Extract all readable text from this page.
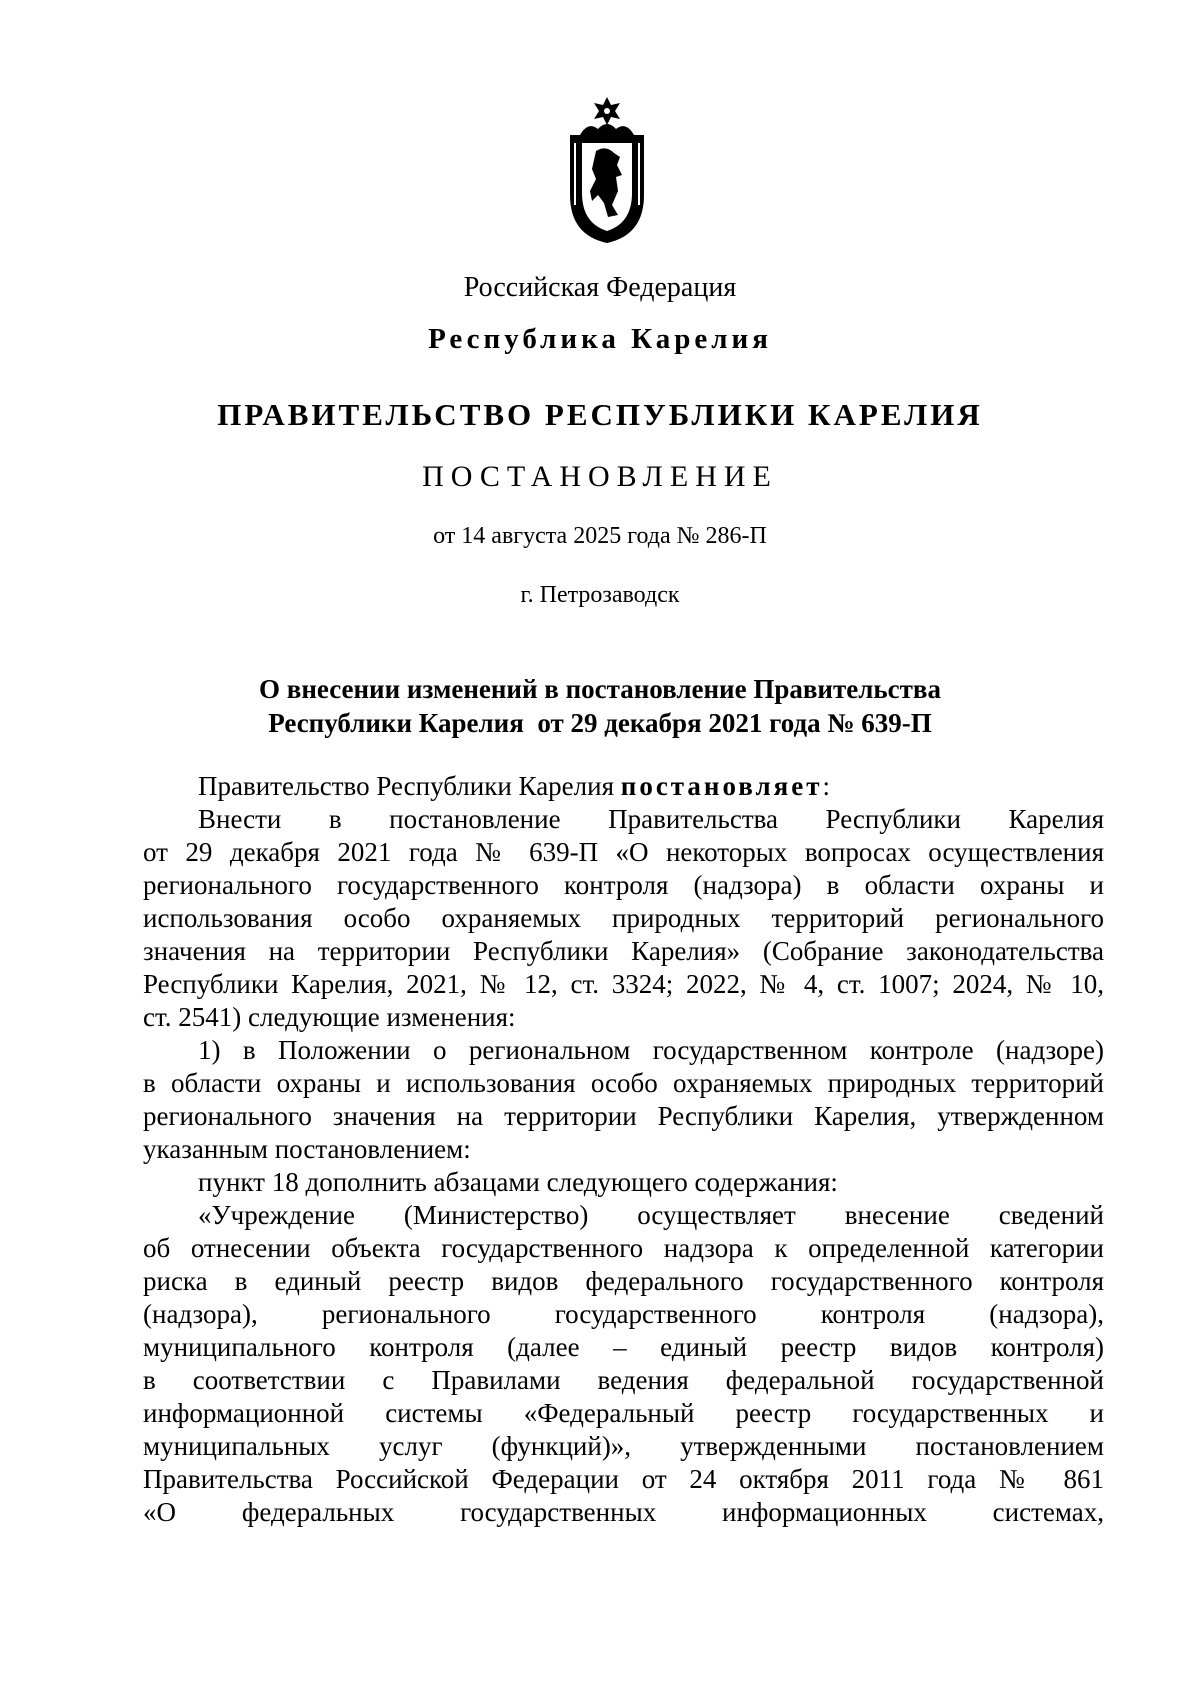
Российская Федерация
Республика Карелия
ПРАВИТЕЛЬСТВО РЕСПУБЛИКИ КАРЕЛИЯ
ПОСТАНОВЛЕНИЕ
от 14 августа 2025 года № 286-П
г. Петрозаводск
О внесении изменений в постановление Правительства
Республики Карелия  от 29 декабря 2021 года № 639-П

Правительство Республики Карелия постановляет:

Внести в постановление Правительства Республики Карелия

от 29 декабря 2021 года № 639-П «О некоторых вопросах осуществления

регионального государственного контроля (надзора) в области охраны и

использования особо охраняемых природных территорий регионального

значения на территории Республики Карелия» (Собрание законодательства

Республики Карелия, 2021, № 12, ст. 3324; 2022, № 4, ст. 1007; 2024, № 10,

ст. 2541) следующие изменения:

1) в Положении о региональном государственном контроле (надзоре)

в области охраны и использования особо охраняемых природных территорий

регионального значения на территории Республики Карелия, утвержденном

указанным постановлением:

пункт 18 дополнить абзацами следующего содержания:

«Учреждение (Министерство) осуществляет внесение сведений

об отнесении объекта государственного надзора к определенной категории

риска в единый реестр видов федерального государственного контроля

(надзора), регионального государственного контроля (надзора),

муниципального контроля (далее – единый реестр видов контроля)

в соответствии с Правилами ведения федеральной государственной

информационной системы «Федеральный реестр государственных и

муниципальных услуг (функций)», утвержденными постановлением

Правительства Российской Федерации от 24 октября 2011 года № 861

«О федеральных государственных информационных системах,
